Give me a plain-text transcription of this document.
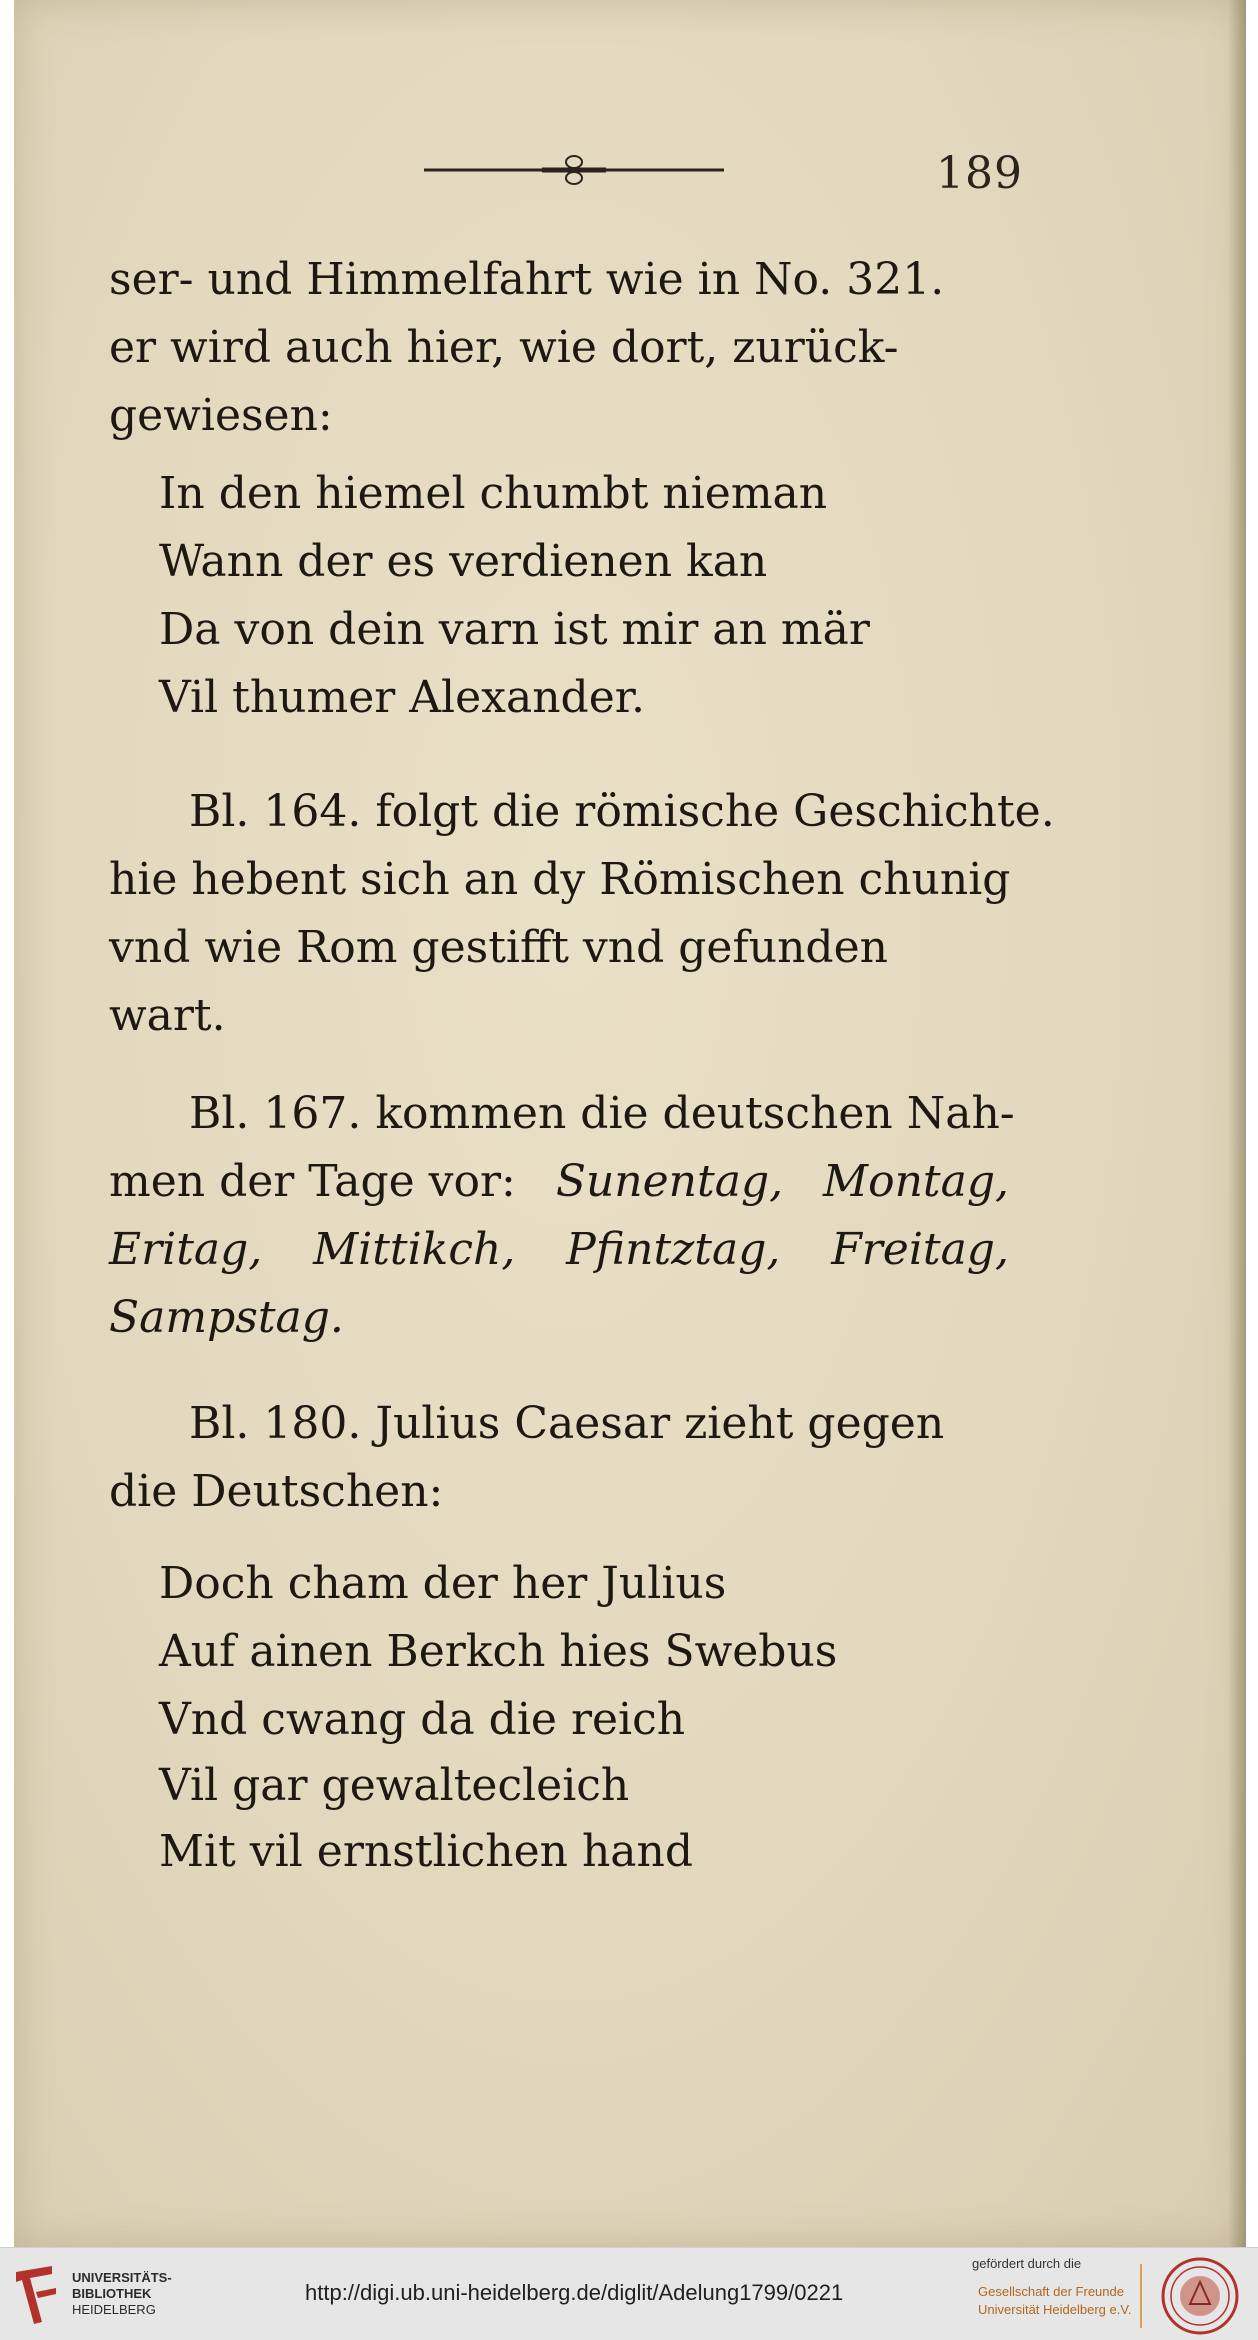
189
ser- und Himmelfahrt wie in No. 321.
er wird auch hier, wie dort, zurück-
gewiesen:
In den hiemel chumbt nieman
Wann der es verdienen kan
Da von dein varn ist mir an mär
Vil thumer Alexander.
Bl. 164. folgt die römische Geschichte.
hie hebent sich an dy Römischen chunig
vnd wie Rom gestifft vnd gefunden
wart.
Bl. 167. kommen die deutschen Nah-
men der Tage vor: Sunentag, Montag,
Eritag, Mittikch, Pfintztag, Freitag,
Sampstag.
Bl. 180. Julius Caesar zieht gegen
die Deutschen:
Doch cham der her Julius
Auf ainen Berkch hies Swebus
Vnd cwang da die reich
Vil gar gewaltecleich
Mit vil ernstlichen hand
UNIVERSITÄTS-
BIBLIOTHEK
HEIDELBERG
http://digi.ub.uni-heidelberg.de/diglit/Adelung1799/0221
gefördert durch die
Gesellschaft der Freunde
Universität Heidelberg e.V.
